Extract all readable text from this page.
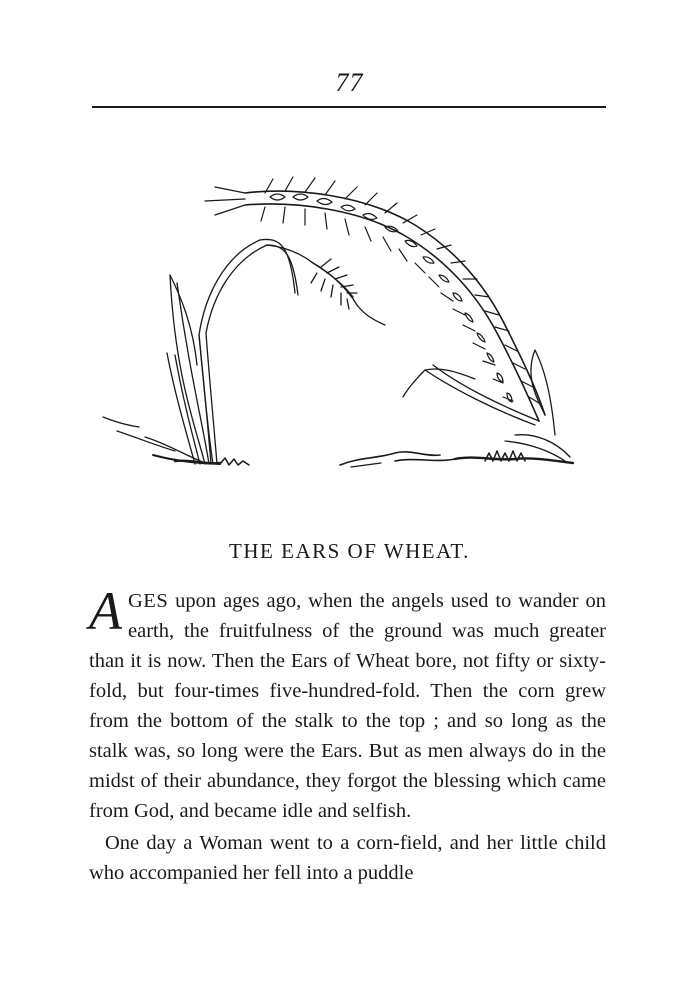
77
THE EARS OF WHEAT.

AGES upon ages ago, when the angels used to wander on earth, the fruitfulness of the ground was much greater than it is now. Then the Ears of Wheat bore, not fifty or sixty-fold, but four-times five-hundred-fold. Then the corn grew from the bottom of the stalk to the top ; and so long as the stalk was, so long were the Ears. But as men always do in the midst of their abundance, they forgot the blessing which came from God, and became idle and selfish.

One day a Woman went to a corn-field, and her little child who accompanied her fell into a puddle
